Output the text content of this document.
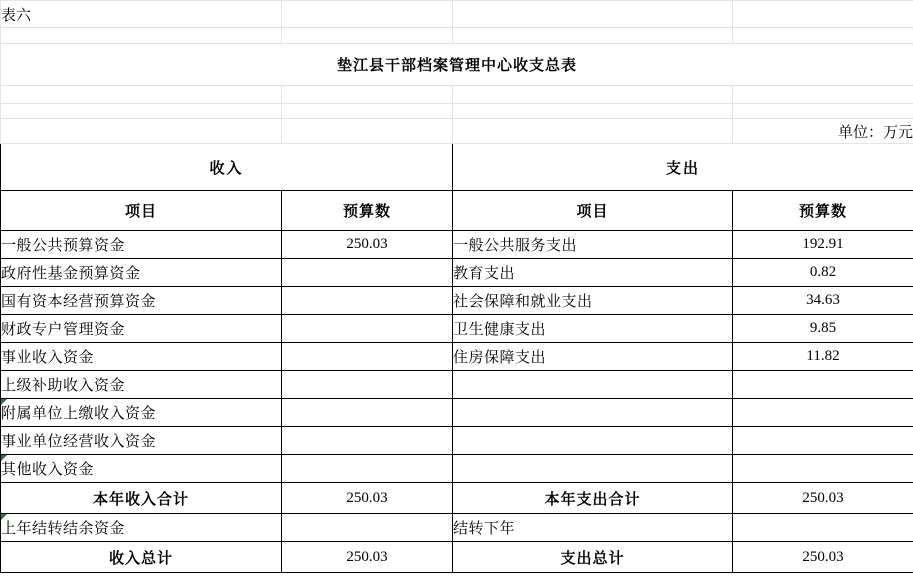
表六			

垫江县干部档案管理中心收支总表			

			单位：万元
收入		支出	
项目	预算数	项目	预算数
一般公共预算资金	250.03	一般公共服务支出	192.91
政府性基金预算资金		教育支出	0.82
国有资本经营预算资金		社会保障和就业支出	34.63
财政专户管理资金		卫生健康支出	9.85
事业收入资金		住房保障支出	11.82
上级补助收入资金			
附属单位上缴收入资金			
事业单位经营收入资金			
其他收入资金			
本年收入合计	250.03	本年支出合计	250.03
上年结转结余资金		结转下年	
收入总计	250.03	支出总计	250.03
